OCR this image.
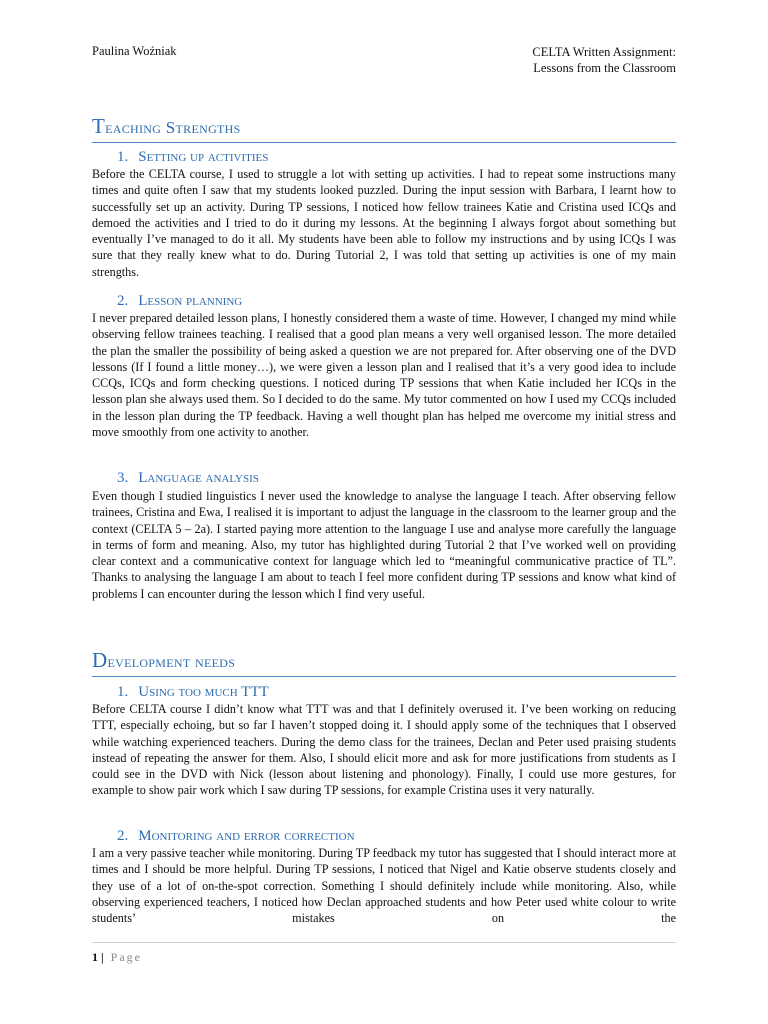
Paulina Woźniak	CELTA Written Assignment:
Lessons from the Classroom
Teaching Strengths
1. Setting up activities

Before the CELTA course, I used to struggle a lot with setting up activities. I had to repeat some instructions many times and quite often I saw that my students looked puzzled. During the input session with Barbara, I learnt how to successfully set up an activity. During TP sessions, I noticed how fellow trainees Katie and Cristina used ICQs and demoed the activities and I tried to do it during my lessons. At the beginning I always forgot about something but eventually I’ve managed to do it all. My students have been able to follow my instructions and by using ICQs I was sure that they really knew what to do. During Tutorial 2, I was told that setting up activities is one of my main strengths.

2. Lesson planning

I never prepared detailed lesson plans, I honestly considered them a waste of time. However, I changed my mind while observing fellow trainees teaching. I realised that a good plan means a very well organised lesson. The more detailed the plan the smaller the possibility of being asked a question we are not prepared for. After observing one of the DVD lessons (If I found a little money…), we were given a lesson plan and I realised that it’s a very good idea to include CCQs, ICQs and form checking questions. I noticed during TP sessions that when Katie included her ICQs in the lesson plan she always used them. So I decided to do the same. My tutor commented on how I used my CCQs included in the lesson plan during the TP feedback. Having a well thought plan has helped me overcome my initial stress and move smoothly from one activity to another.

3. Language analysis

Even though I studied linguistics I never used the knowledge to analyse the language I teach. After observing fellow trainees, Cristina and Ewa, I realised it is important to adjust the language in the classroom to the learner group and the context (CELTA 5 – 2a). I started paying more attention to the language I use and analyse more carefully the language in terms of form and meaning. Also, my tutor has highlighted during Tutorial 2 that I’ve worked well on providing clear context and a communicative context for language which led to “meaningful communicative practice of TL”. Thanks to analysing the language I am about to teach I feel more confident during TP sessions and know what kind of problems I can encounter during the lesson which I find very useful.

Development needs
1. Using too much TTT

Before CELTA course I didn’t know what TTT was and that I definitely overused it. I’ve been working on reducing TTT, especially echoing, but so far I haven’t stopped doing it. I should apply some of the techniques that I observed while watching experienced teachers. During the demo class for the trainees, Declan and Peter used praising students instead of repeating the answer for them. Also, I should elicit more and ask for more justifications from students as I could see in the DVD with Nick (lesson about listening and phonology). Finally, I could use more gestures, for example to show pair work which I saw during TP sessions, for example Cristina uses it very naturally.

2. Monitoring and error correction

I am a very passive teacher while monitoring. During TP feedback my tutor has suggested that I should interact more at times and I should be more helpful. During TP sessions, I noticed that Nigel and Katie observe students closely and they use of a lot of on-the-spot correction. Something I should definitely include while monitoring. Also, while observing experienced teachers, I noticed how Declan approached students and how Peter used white colour to write students’ mistakes on the

1 | Page
